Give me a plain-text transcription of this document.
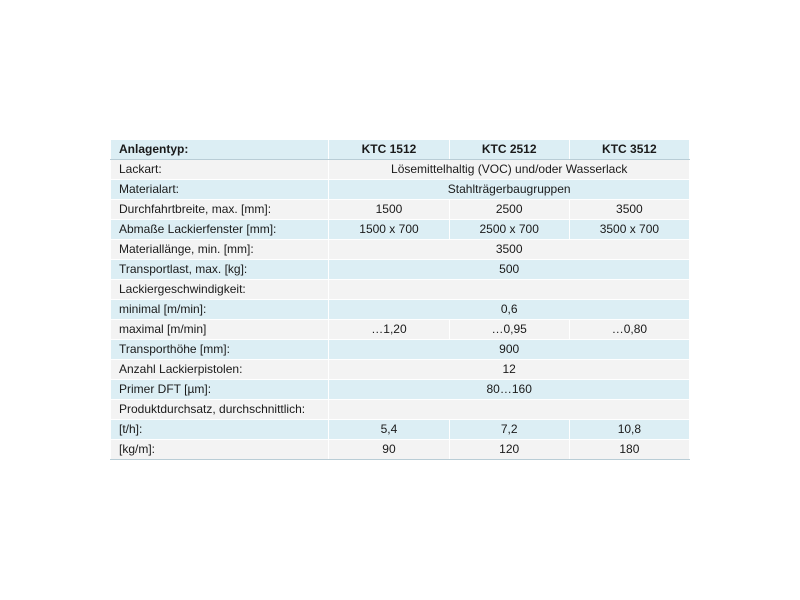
Anlagentyp:	KTC 1512	KTC 2512	KTC 3512
Lackart:	Lösemittelhaltig (VOC) und/oder Wasserlack		
Materialart:	Stahlträgerbaugruppen		
Durchfahrtbreite, max. [mm]:	1500	2500	3500
Abmaße Lackierfenster [mm]:	1500 x 700	2500 x 700	3500 x 700
Materiallänge, min. [mm]:	3500		
Transportlast, max. [kg]:	500		
Lackiergeschwindigkeit:			
minimal [m/min]:	0,6		
maximal [m/min]	…1,20	…0,95	…0,80
Transporthöhe [mm]:	900		
Anzahl Lackierpistolen:	12		
Primer DFT [µm]:	80…160		
Produktdurchsatz, durchschnittlich:			
[t/h]:	5,4	7,2	10,8
[kg/m]:	90	120	180
